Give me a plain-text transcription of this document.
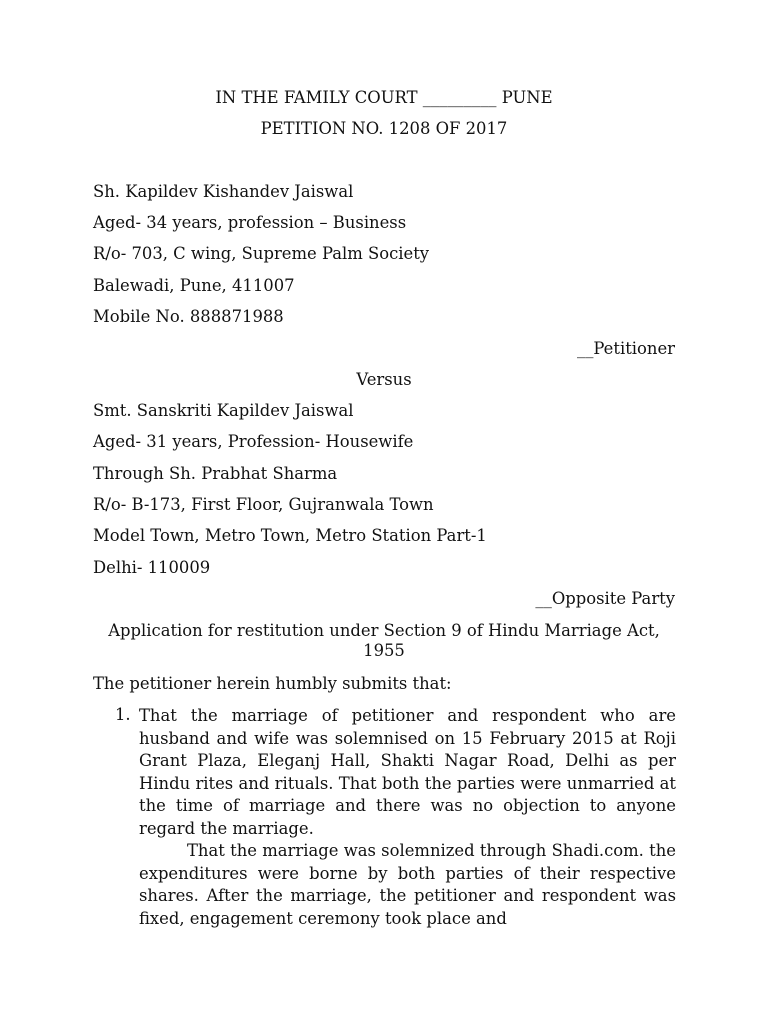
IN THE FAMILY COURT _________ PUNE
PETITION NO. 1208 OF 2017
Sh. Kapildev Kishandev Jaiswal
Aged- 34 years, profession – Business
R/o- 703, C wing, Supreme Palm Society
Balewadi, Pune, 411007
Mobile No. 888871988
__Petitioner
Versus
Smt. Sanskriti Kapildev Jaiswal
Aged- 31 years, Profession- Housewife
Through Sh. Prabhat Sharma
R/o- B-173, First Floor, Gujranwala Town
Model Town, Metro Town, Metro Station Part-1
Delhi- 110009
__Opposite Party
Application for restitution under Section 9 of Hindu Marriage Act, 1955
The petitioner herein humbly submits that:
1. That the marriage of petitioner and respondent who are husband and wife was solemnised on 15 February 2015 at Roji Grant Plaza, Eleganj Hall, Shakti Nagar Road, Delhi as per Hindu rites and rituals. That both the parties were unmarried at the time of marriage and there was no objection to anyone regard the marriage.
That the marriage was solemnized through Shadi.com. the expenditures were borne by both parties of their respective shares. After the marriage, the petitioner and respondent was fixed, engagement ceremony took place and
